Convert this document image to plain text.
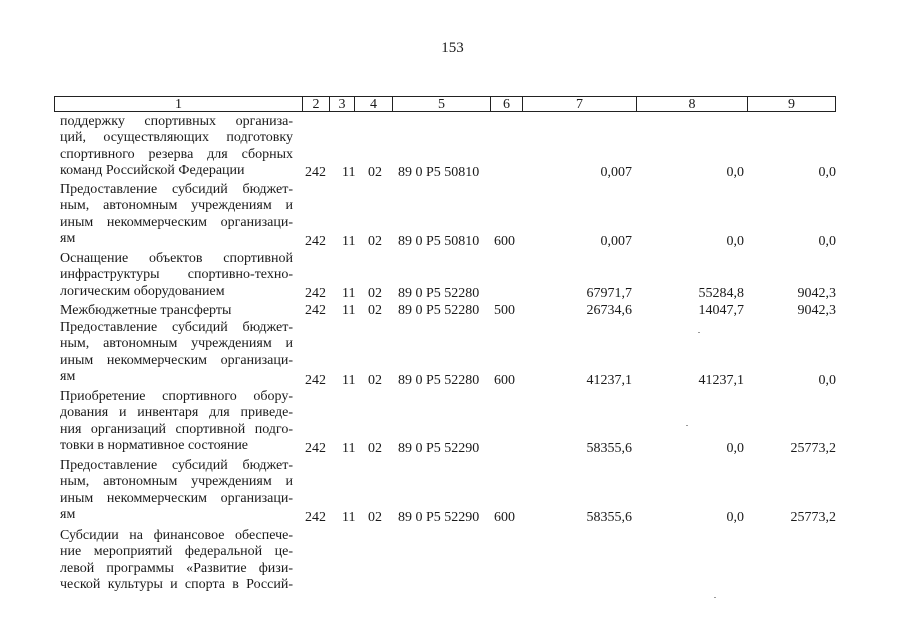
153
1	2	3	4	5	6	7	8	9
поддержку спортивных организа-
ций, осуществляющих подготовку
спортивного резерва для сборных
команд Российской Федерации	242 11 02 89 0 P5 50810	0,007	0,0	0,0
Предоставление субсидий бюджет-
ным, автономным учреждениям и
иным некоммерческим организаци-
ям	242 11 02 89 0 P5 50810 600	0,007	0,0	0,0
Оснащение объектов спортивной
инфраструктуры спортивно-техно-
логическим оборудованием	242 11 02 89 0 P5 52280	67971,7	55284,8	9042,3
Межбюджетные трансферты	242 11 02 89 0 P5 52280 500	26734,6	14047,7	9042,3
Предоставление субсидий бюджет-
ным, автономным учреждениям и
иным некоммерческим организаци-
ям	242 11 02 89 0 P5 52280 600	41237,1	41237,1	0,0
Приобретение спортивного обору-
дования и инвентаря для приведе-
ния организаций спортивной подго-
товки в нормативное состояние	242 11 02 89 0 P5 52290	58355,6	0,0	25773,2
Предоставление субсидий бюджет-
ным, автономным учреждениям и
иным некоммерческим организаци-
ям	242 11 02 89 0 P5 52290 600	58355,6	0,0	25773,2
Субсидии на финансовое обеспече-
ние мероприятий федеральной це-
левой программы «Развитие физи-
ческой культуры и спорта в Россий-
